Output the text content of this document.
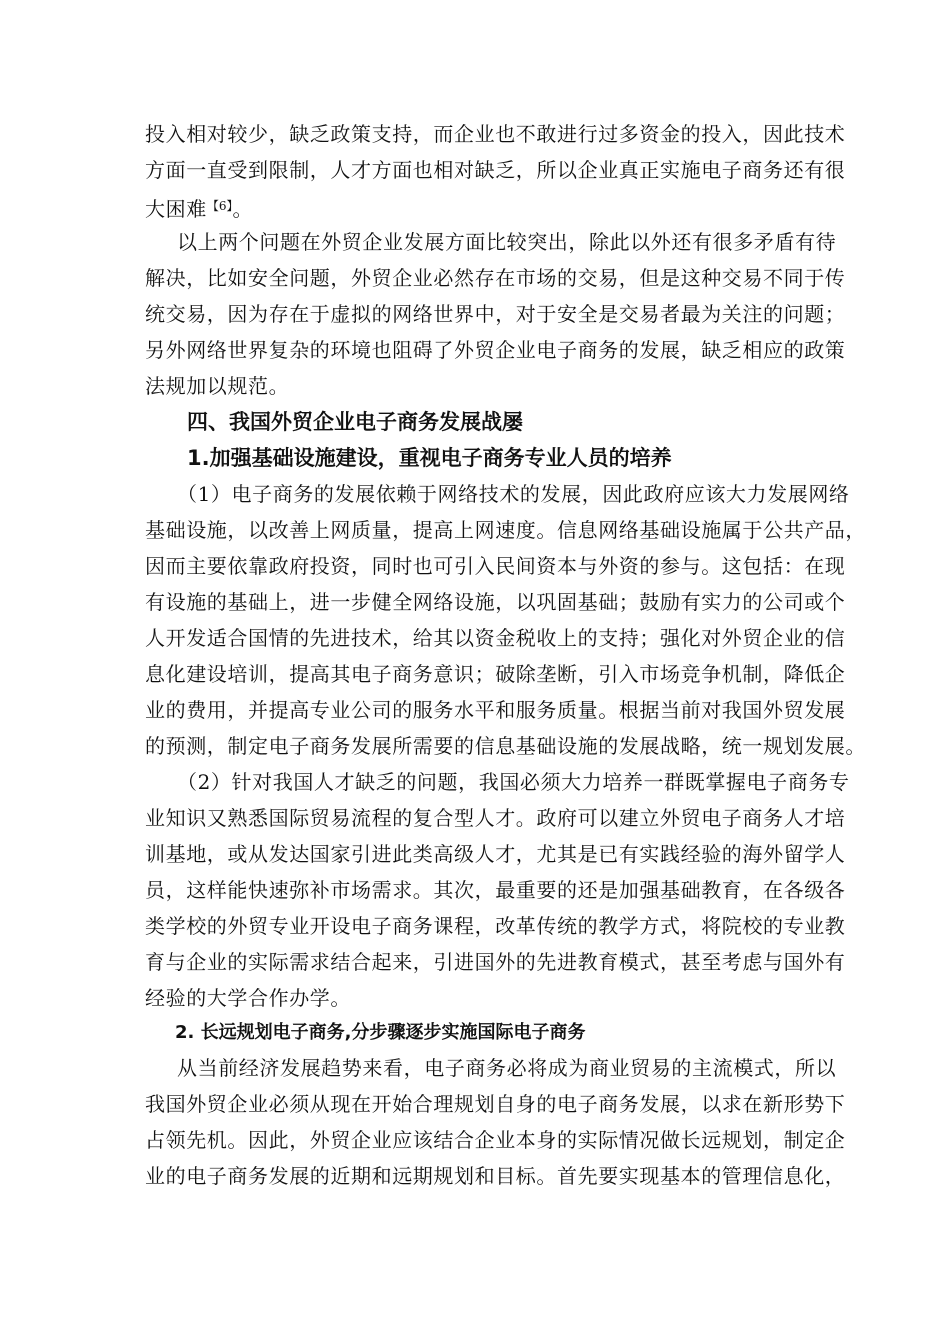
投入相对较少，缺乏政策支持，而企业也不敢进行过多资金的投入，因此技术
方面一直受到限制，人才方面也相对缺乏，所以企业真正实施电子商务还有很
大困难$^{【6】}$。
以上两个问题在外贸企业发展方面比较突出，除此以外还有很多矛盾有待
解决，比如安全问题，外贸企业必然存在市场的交易，但是这种交易不同于传
统交易，因为存在于虚拟的网络世界中，对于安全是交易者最为关注的问题；
另外网络世界复杂的环境也阻碍了外贸企业电子商务的发展，缺乏相应的政策
法规加以规范。
四、我国外贸企业电子商务发展战屡
1.加强基础设施建设，重视电子商务专业人员的培养
（1）电子商务的发展依赖于网络技术的发展，因此政府应该大力发展网络
基础设施，以改善上网质量，提高上网速度。信息网络基础设施属于公共产品，
因而主要依靠政府投资，同时也可引入民间资本与外资的参与。这包括：在现
有设施的基础上，进一步健全网络设施，以巩固基础；鼓励有实力的公司或个
人开发适合国情的先进技术，给其以资金税收上的支持；强化对外贸企业的信
息化建设培训，提高其电子商务意识；破除垄断，引入市场竞争机制，降低企
业的费用，并提高专业公司的服务水平和服务质量。根据当前对我国外贸发展
的预测，制定电子商务发展所需要的信息基础设施的发展战略，统一规划发展。
（2）针对我国人才缺乏的问题，我国必须大力培养一群既掌握电子商务专
业知识又熟悉国际贸易流程的复合型人才。政府可以建立外贸电子商务人才培
训基地，或从发达国家引进此类高级人才，尤其是已有实践经验的海外留学人
员，这样能快速弥补市场需求。其次，最重要的还是加强基础教育，在各级各
类学校的外贸专业开设电子商务课程，改革传统的教学方式，将院校的专业教
育与企业的实际需求结合起来，引进国外的先进教育模式，甚至考虑与国外有
经验的大学合作办学。
2. 长远规划电子商务,分步骤逐步实施国际电子商务
从当前经济发展趋势来看，电子商务必将成为商业贸易的主流模式，所以
我国外贸企业必须从现在开始合理规划自身的电子商务发展，以求在新形势下
占领先机。因此，外贸企业应该结合企业本身的实际情况做长远规划，制定企
业的电子商务发展的近期和远期规划和目标。首先要实现基本的管理信息化，
